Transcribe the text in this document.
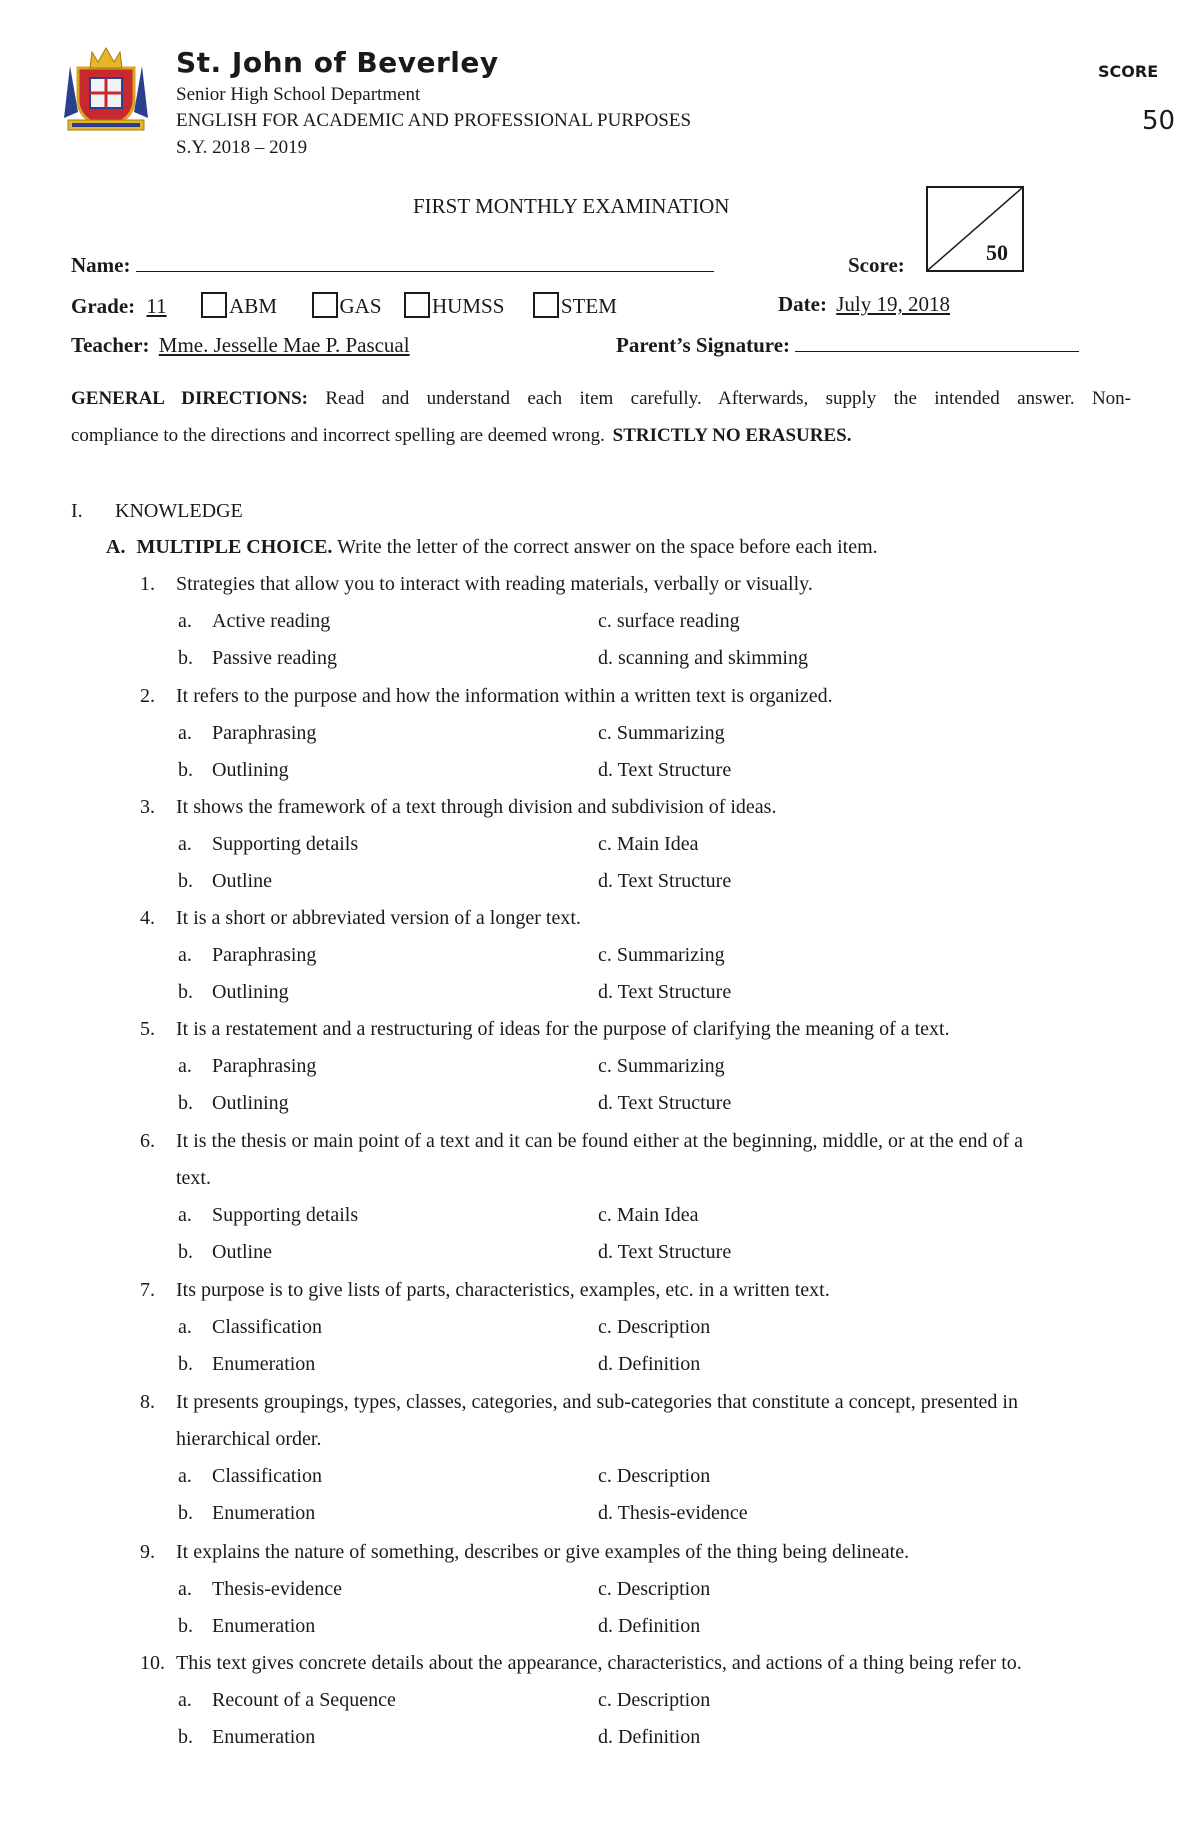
St. John of Beverley
Senior High School Department
ENGLISH FOR ACADEMIC AND PROFESSIONAL PURPOSES
S.Y. 2018 – 2019
SCORE
50
FIRST MONTHLY EXAMINATION
50
Name:	Score:
Grade: 11	ABM	GAS HUMSS	STEM	Date: July 19, 2018
Teacher: Mme. Jesselle Mae P. Pascual	Parent’s Signature:
GENERAL DIRECTIONS: Read and understand each item carefully. Afterwards, supply the intended answer. Non-
compliance to the directions and incorrect spelling are deemed wrong. STRICTLY NO ERASURES.
I. KNOWLEDGE
A. MULTIPLE CHOICE. Write the letter of the correct answer on the space before each item.
1. Strategies that allow you to interact with reading materials, verbally or visually.
a. Active reading	c. surface reading
b. Passive reading	d. scanning and skimming
2. It refers to the purpose and how the information within a written text is organized.
a. Paraphrasing	c. Summarizing
b. Outlining	d. Text Structure
3. It shows the framework of a text through division and subdivision of ideas.
a. Supporting details	c. Main Idea
b. Outline	d. Text Structure
4. It is a short or abbreviated version of a longer text.
a. Paraphrasing	c. Summarizing
b. Outlining	d. Text Structure
5. It is a restatement and a restructuring of ideas for the purpose of clarifying the meaning of a text.
a. Paraphrasing	c. Summarizing
b. Outlining	d. Text Structure
6. It is the thesis or main point of a text and it can be found either at the beginning, middle, or at the end of a
text.
a. Supporting details	c. Main Idea
b. Outline	d. Text Structure
7. Its purpose is to give lists of parts, characteristics, examples, etc. in a written text.
a. Classification	c. Description
b. Enumeration	d. Definition
8. It presents groupings, types, classes, categories, and sub-categories that constitute a concept, presented in
hierarchical order.
a. Classification	c. Description
b. Enumeration	d. Thesis-evidence
9. It explains the nature of something, describes or give examples of the thing being delineate.
a. Thesis-evidence	c. Description
b. Enumeration	d. Definition
10. This text gives concrete details about the appearance, characteristics, and actions of a thing being refer to.
a. Recount of a Sequence	c. Description
b. Enumeration	d. Definition
